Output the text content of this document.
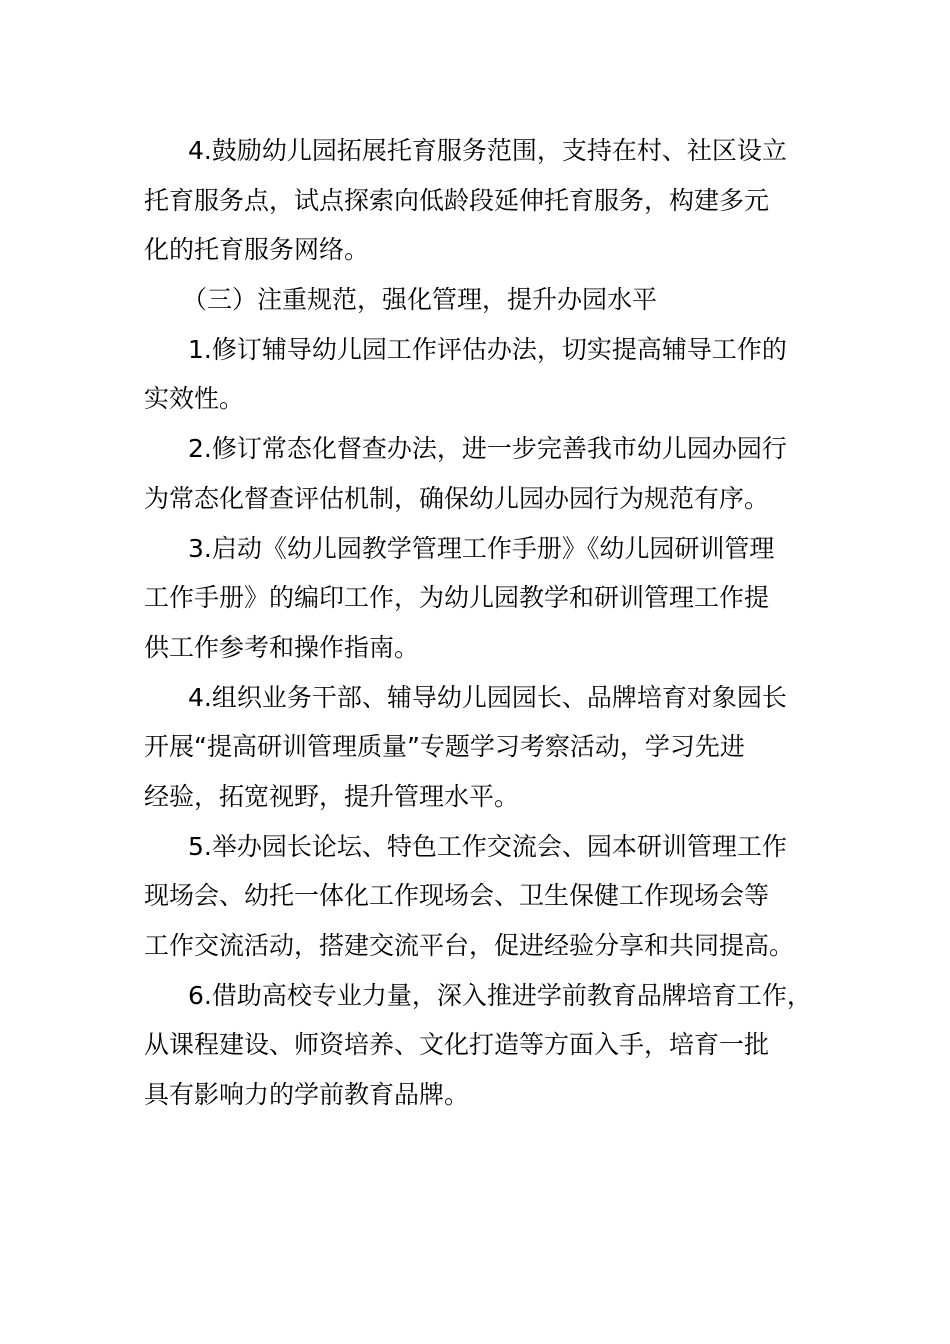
4.鼓励幼儿园拓展托育服务范围，支持在村、社区设立
托育服务点，试点探索向低龄段延伸托育服务，构建多元
化的托育服务网络。
（三）注重规范，强化管理，提升办园水平
1.修订辅导幼儿园工作评估办法，切实提高辅导工作的
实效性。
2.修订常态化督查办法，进一步完善我市幼儿园办园行
为常态化督查评估机制，确保幼儿园办园行为规范有序。
3.启动《幼儿园教学管理工作手册》《幼儿园研训管理
工作手册》的编印工作，为幼儿园教学和研训管理工作提
供工作参考和操作指南。
4.组织业务干部、辅导幼儿园园长、品牌培育对象园长
开展“提高研训管理质量”专题学习考察活动，学习先进
经验，拓宽视野，提升管理水平。
5.举办园长论坛、特色工作交流会、园本研训管理工作
现场会、幼托一体化工作现场会、卫生保健工作现场会等
工作交流活动，搭建交流平台，促进经验分享和共同提高。
6.借助高校专业力量，深入推进学前教育品牌培育工作，
从课程建设、师资培养、文化打造等方面入手，培育一批
具有影响力的学前教育品牌。
